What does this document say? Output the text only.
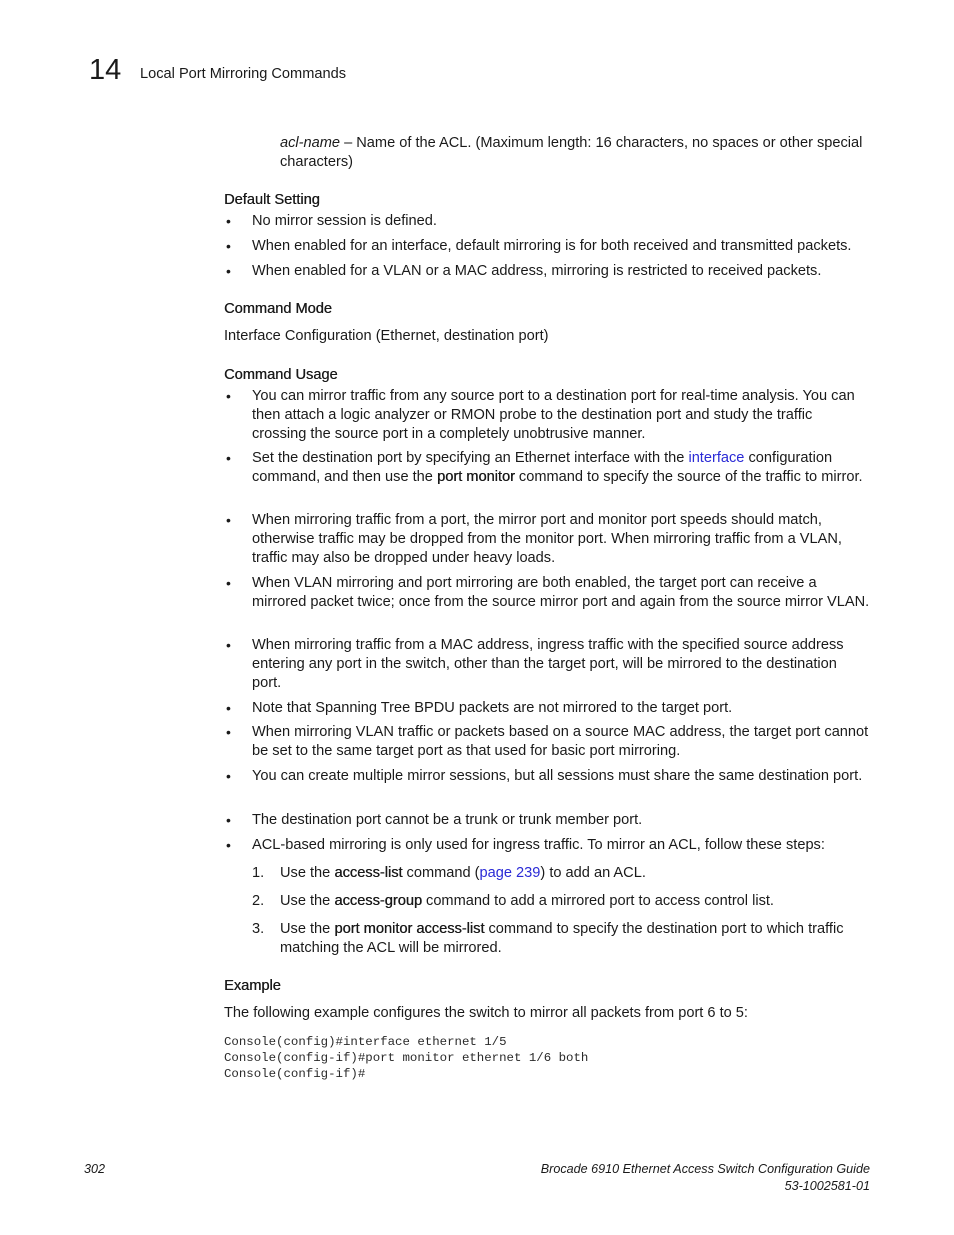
14 Local Port Mirroring Commands
acl-name – Name of the ACL. (Maximum length: 16 characters, no spaces or other special characters)
Default Setting
• No mirror session is defined.
• When enabled for an interface, default mirroring is for both received and transmitted packets.
• When enabled for a VLAN or a MAC address, mirroring is restricted to received packets.
Command Mode
Interface Configuration (Ethernet, destination port)
Command Usage
• You can mirror traffic from any source port to a destination port for real-time analysis. You can then attach a logic analyzer or RMON probe to the destination port and study the traffic crossing the source port in a completely unobtrusive manner.
• Set the destination port by specifying an Ethernet interface with the interface configuration command, and then use the port monitor command to specify the source of the traffic to mirror.
• When mirroring traffic from a port, the mirror port and monitor port speeds should match, otherwise traffic may be dropped from the monitor port. When mirroring traffic from a VLAN, traffic may also be dropped under heavy loads.
• When VLAN mirroring and port mirroring are both enabled, the target port can receive a mirrored packet twice; once from the source mirror port and again from the source mirror VLAN.
• When mirroring traffic from a MAC address, ingress traffic with the specified source address entering any port in the switch, other than the target port, will be mirrored to the destination port.
• Note that Spanning Tree BPDU packets are not mirrored to the target port.
• When mirroring VLAN traffic or packets based on a source MAC address, the target port cannot be set to the same target port as that used for basic port mirroring.
• You can create multiple mirror sessions, but all sessions must share the same destination port.
• The destination port cannot be a trunk or trunk member port.
• ACL-based mirroring is only used for ingress traffic. To mirror an ACL, follow these steps:
1. Use the access-list command (page 239) to add an ACL.
2. Use the access-group command to add a mirrored port to access control list.
3. Use the port monitor access-list command to specify the destination port to which traffic matching the ACL will be mirrored.
Example
The following example configures the switch to mirror all packets from port 6 to 5:
Console(config)#interface ethernet 1/5
Console(config-if)#port monitor ethernet 1/6 both
Console(config-if)#
302	Brocade 6910 Ethernet Access Switch Configuration Guide
53-1002581-01
